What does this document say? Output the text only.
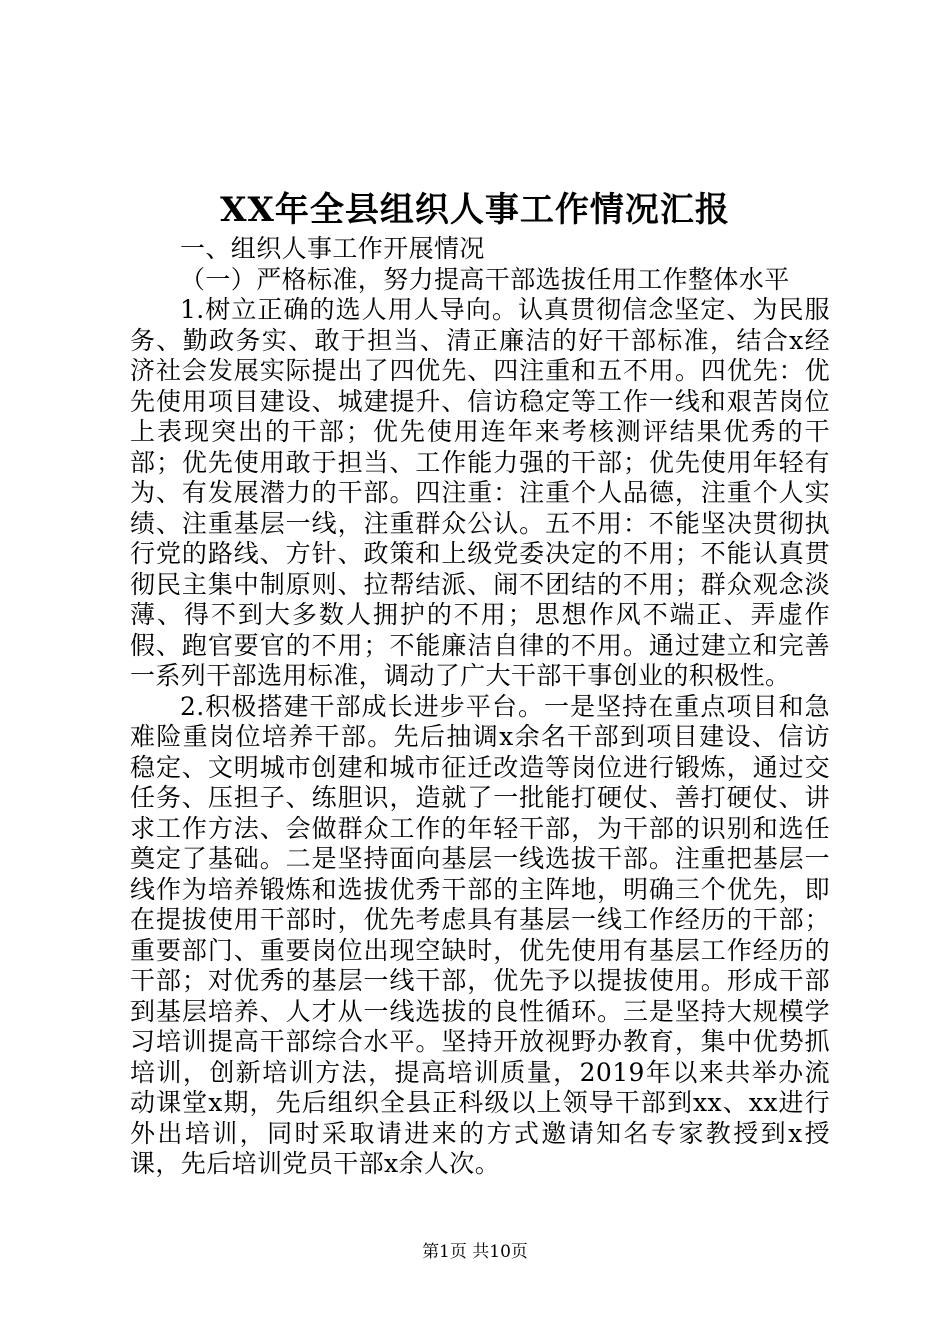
XX年全县组织人事工作情况汇报

一、组织人事工作开展情况

（一）严格标准，努力提高干部选拔任用工作整体水平

1.树立正确的选人用人导向。认真贯彻信念坚定、为民服务、勤政务实、敢于担当、清正廉洁的好干部标准，结合x经济社会发展实际提出了四优先、四注重和五不用。四优先：优先使用项目建设、城建提升、信访稳定等工作一线和艰苦岗位上表现突出的干部；优先使用连年来考核测评结果优秀的干部；优先使用敢于担当、工作能力强的干部；优先使用年轻有为、有发展潜力的干部。四注重：注重个人品德，注重个人实绩、注重基层一线，注重群众公认。五不用：不能坚决贯彻执行党的路线、方针、政策和上级党委决定的不用；不能认真贯彻民主集中制原则、拉帮结派、闹不团结的不用；群众观念淡薄、得不到大多数人拥护的不用；思想作风不端正、弄虚作假、跑官要官的不用；不能廉洁自律的不用。通过建立和完善一系列干部选用标准，调动了广大干部干事创业的积极性。

2.积极搭建干部成长进步平台。一是坚持在重点项目和急难险重岗位培养干部。先后抽调x余名干部到项目建设、信访稳定、文明城市创建和城市征迁改造等岗位进行锻炼，通过交任务、压担子、练胆识，造就了一批能打硬仗、善打硬仗、讲求工作方法、会做群众工作的年轻干部，为干部的识别和选任奠定了基础。二是坚持面向基层一线选拔干部。注重把基层一线作为培养锻炼和选拔优秀干部的主阵地，明确三个优先，即在提拔使用干部时，优先考虑具有基层一线工作经历的干部；重要部门、重要岗位出现空缺时，优先使用有基层工作经历的干部；对优秀的基层一线干部，优先予以提拔使用。形成干部到基层培养、人才从一线选拔的良性循环。三是坚持大规模学习培训提高干部综合水平。坚持开放视野办教育，集中优势抓培训，创新培训方法，提高培训质量，2019年以来共举办流动课堂x期，先后组织全县正科级以上领导干部到xx、xx进行外出培训，同时采取请进来的方式邀请知名专家教授到x授课，先后培训党员干部x余人次。

第1页 共10页
